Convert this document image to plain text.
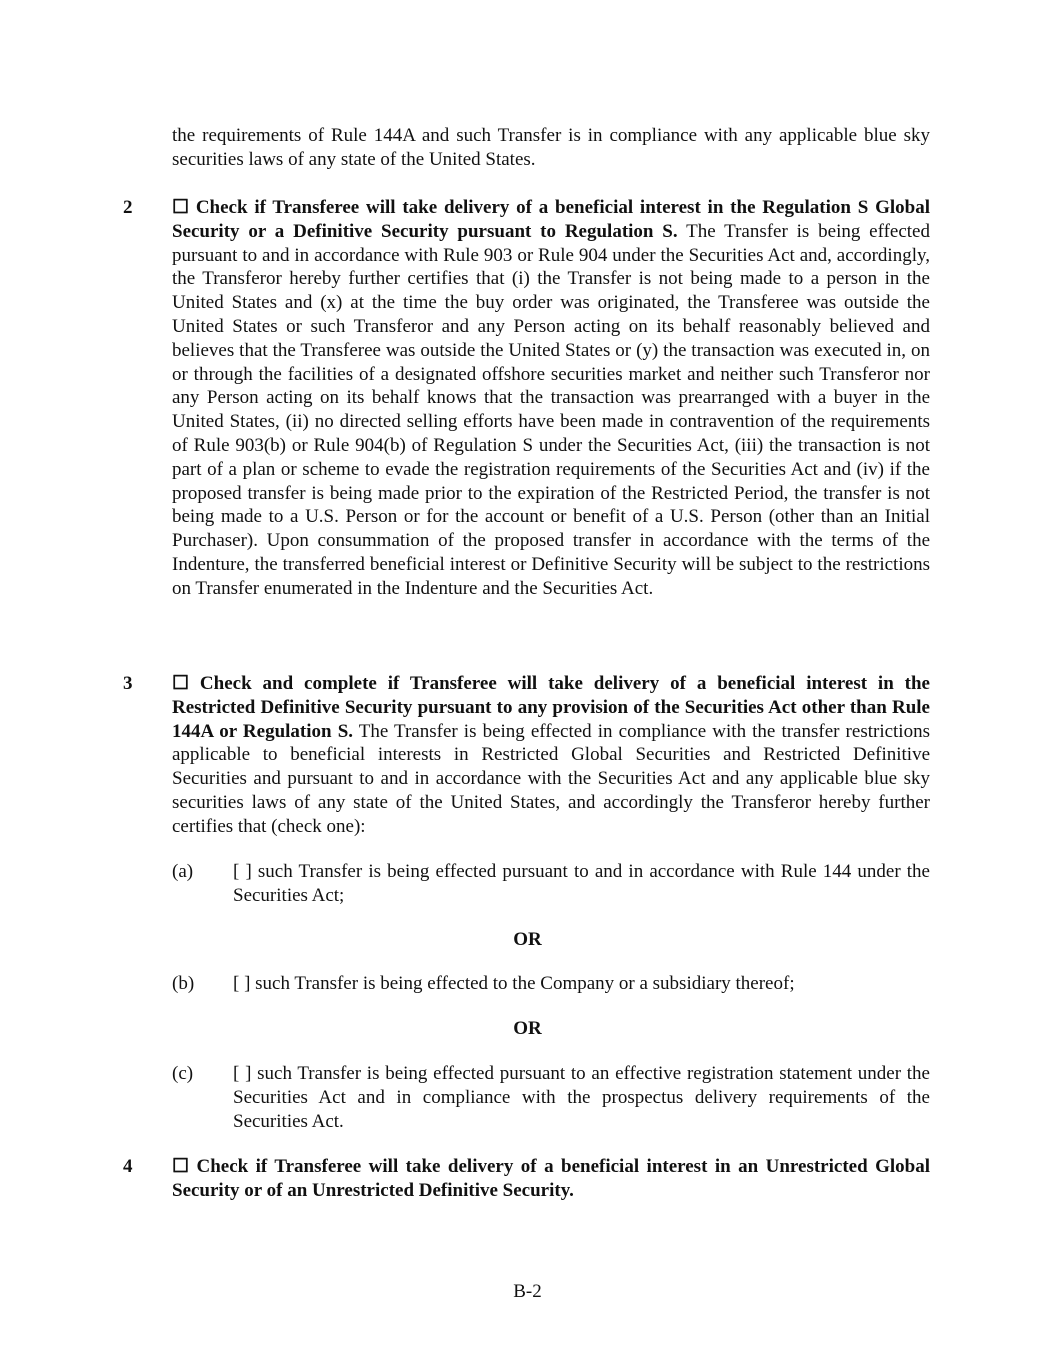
the requirements of Rule 144A and such Transfer is in compliance with any applicable blue sky securities laws of any state of the United States.
2 ☐ Check if Transferee will take delivery of a beneficial interest in the Regulation S Global Security or a Definitive Security pursuant to Regulation S. The Transfer is being effected pursuant to and in accordance with Rule 903 or Rule 904 under the Securities Act and, accordingly, the Transferor hereby further certifies that (i) the Transfer is not being made to a person in the United States and (x) at the time the buy order was originated, the Transferee was outside the United States or such Transferor and any Person acting on its behalf reasonably believed and believes that the Transferee was outside the United States or (y) the transaction was executed in, on or through the facilities of a designated offshore securities market and neither such Transferor nor any Person acting on its behalf knows that the transaction was prearranged with a buyer in the United States, (ii) no directed selling efforts have been made in contravention of the requirements of Rule 903(b) or Rule 904(b) of Regulation S under the Securities Act, (iii) the transaction is not part of a plan or scheme to evade the registration requirements of the Securities Act and (iv) if the proposed transfer is being made prior to the expiration of the Restricted Period, the transfer is not being made to a U.S. Person or for the account or benefit of a U.S. Person (other than an Initial Purchaser). Upon consummation of the proposed transfer in accordance with the terms of the Indenture, the transferred beneficial interest or Definitive Security will be subject to the restrictions on Transfer enumerated in the Indenture and the Securities Act.
3 ☐ Check and complete if Transferee will take delivery of a beneficial interest in the Restricted Definitive Security pursuant to any provision of the Securities Act other than Rule 144A or Regulation S. The Transfer is being effected in compliance with the transfer restrictions applicable to beneficial interests in Restricted Global Securities and Restricted Definitive Securities and pursuant to and in accordance with the Securities Act and any applicable blue sky securities laws of any state of the United States, and accordingly the Transferor hereby further certifies that (check one):
(a) [ ] such Transfer is being effected pursuant to and in accordance with Rule 144 under the Securities Act;
OR
(b) [ ] such Transfer is being effected to the Company or a subsidiary thereof;
OR
(c) [ ] such Transfer is being effected pursuant to an effective registration statement under the Securities Act and in compliance with the prospectus delivery requirements of the Securities Act.
4 ☐ Check if Transferee will take delivery of a beneficial interest in an Unrestricted Global Security or of an Unrestricted Definitive Security.
B-2
